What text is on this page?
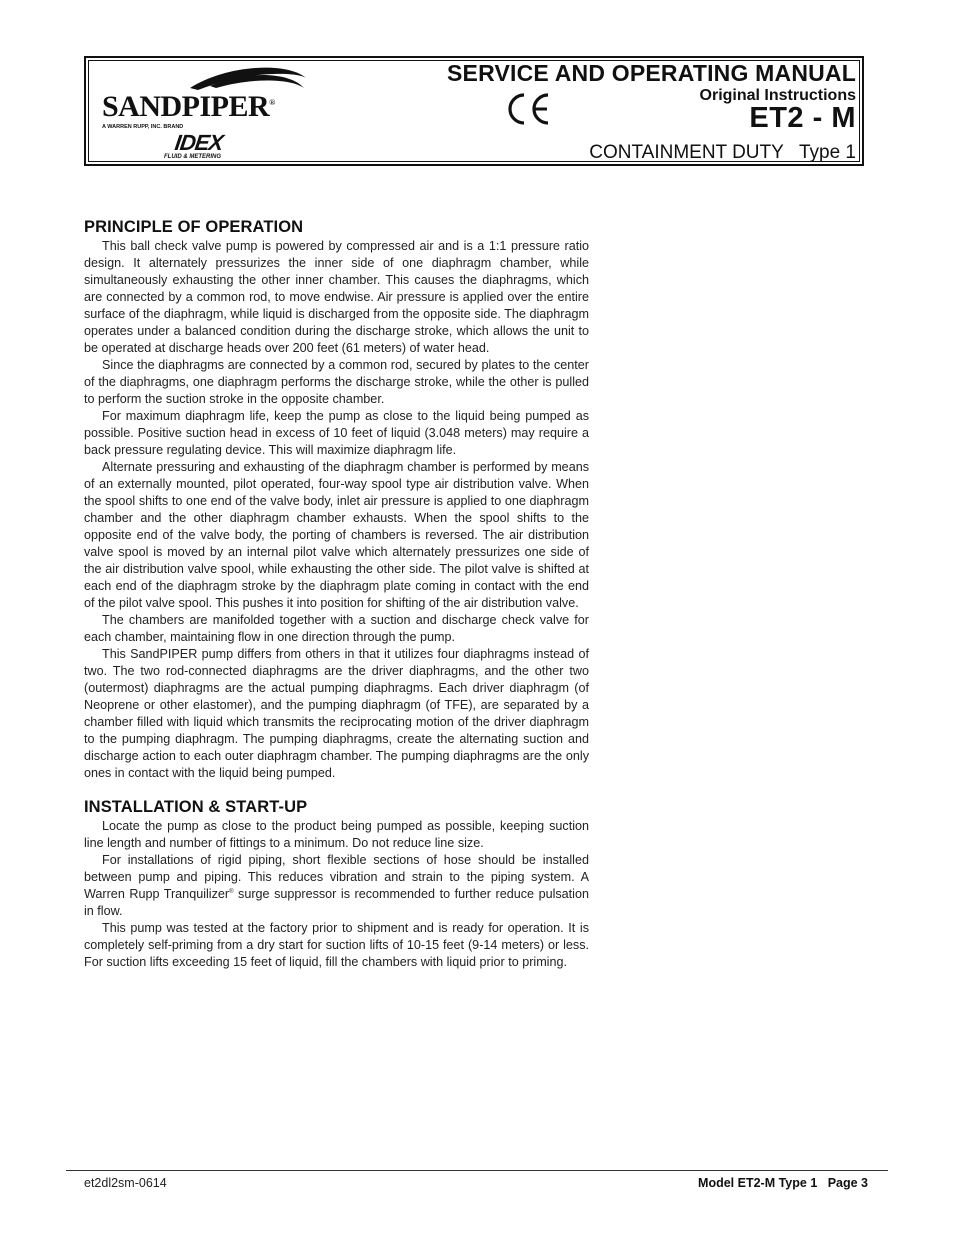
SANDPIPER®
A WARREN RUPP, INC. BRAND
IDEX
FLUID & METERING
SERVICE AND OPERATING MANUAL
Original Instructions
ET2 - M
CONTAINMENT DUTY   Type 1
PRINCIPLE OF OPERATION

This ball check valve pump is powered by compressed air and is a 1:1 pressure ratio design. It alternately pressurizes the inner side of one diaphragm chamber, while simultaneously exhausting the other inner chamber. This causes the diaphragms, which are connected by a common rod, to move endwise. Air pressure is applied over the entire surface of the diaphragm, while liquid is discharged from the opposite side. The diaphragm operates under a balanced condition during the discharge stroke, which allows the unit to be operated at discharge heads over 200 feet (61 meters) of water head.

Since the diaphragms are connected by a common rod, secured by plates to the center of the diaphragms, one diaphragm performs the discharge stroke, while the other is pulled to perform the suction stroke in the opposite chamber.

For maximum diaphragm life, keep the pump as close to the liquid being pumped as possible. Positive suction head in excess of 10 feet of liquid (3.048 meters) may require a back pressure regulating device. This will maximize diaphragm life.

Alternate pressuring and exhausting of the diaphragm chamber is performed by means of an externally mounted, pilot operated, four-way spool type air distribution valve. When the spool shifts to one end of the valve body, inlet air pressure is applied to one diaphragm chamber and the other diaphragm chamber exhausts. When the spool shifts to the opposite end of the valve body, the porting of chambers is reversed. The air distribution valve spool is moved by an internal pilot valve which alternately pressurizes one side of the air distribution valve spool, while exhausting the other side. The pilot valve is shifted at each end of the diaphragm stroke by the diaphragm plate coming in contact with the end of the pilot valve spool. This pushes it into position for shifting of the air distribution valve.

The chambers are manifolded together with a suction and discharge check valve for each chamber, maintaining flow in one direction through the pump.

This SandPIPER pump differs from others in that it utilizes four diaphragms instead of two. The two rod-connected diaphragms are the driver diaphragms, and the other two (outermost) diaphragms are the actual pumping diaphragms. Each driver diaphragm (of Neoprene or other elastomer), and the pumping diaphragm (of TFE), are separated by a chamber filled with liquid which transmits the reciprocating motion of the driver diaphragm to the pumping diaphragm. The pumping diaphragms, create the alternating suction and discharge action to each outer diaphragm chamber. The pumping diaphragms are the only ones in contact with the liquid being pumped.

INSTALLATION & START-UP

Locate the pump as close to the product being pumped as possible, keeping suction line length and number of fittings to a minimum. Do not reduce line size.

For installations of rigid piping, short flexible sections of hose should be installed between pump and piping. This reduces vibration and strain to the piping system. A Warren Rupp Tranquilizer® surge suppressor is recommended to further reduce pulsation in flow.

This pump was tested at the factory prior to shipment and is ready for operation. It is completely self-priming from a dry start for suction lifts of 10-15 feet (9-14 meters) or less. For suction lifts exceeding 15 feet of liquid, fill the chambers with liquid prior to priming.

et2dl2sm-0614	Model ET2-M Type 1   Page 3
